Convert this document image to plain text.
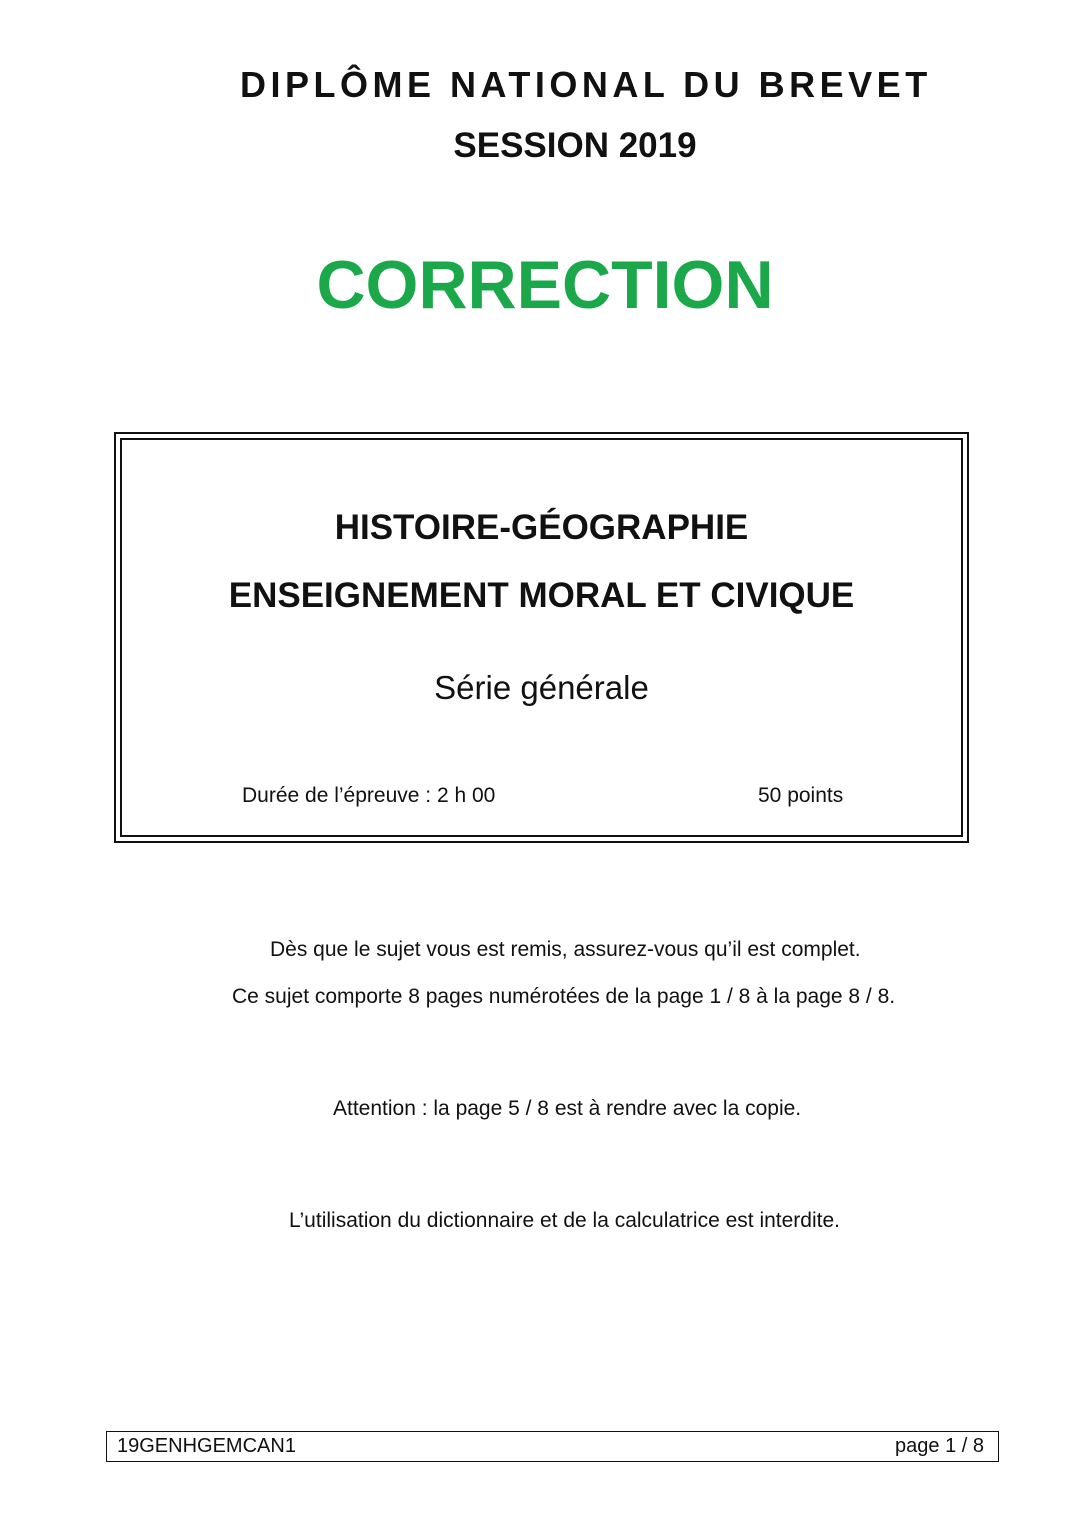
DIPLÔME NATIONAL DU BREVET
SESSION 2019
CORRECTION
HISTOIRE-GÉOGRAPHIE
ENSEIGNEMENT MORAL ET CIVIQUE
Série générale
Durée de l’épreuve : 2 h 00	50 points
Dès que le sujet vous est remis, assurez-vous qu’il est complet.
Ce sujet comporte 8 pages numérotées de la page 1 / 8 à la page 8 / 8.
Attention : la page 5 / 8 est à rendre avec la copie.
L’utilisation du dictionnaire et de la calculatrice est interdite.
19GENHGEMCAN1	page 1 / 8
